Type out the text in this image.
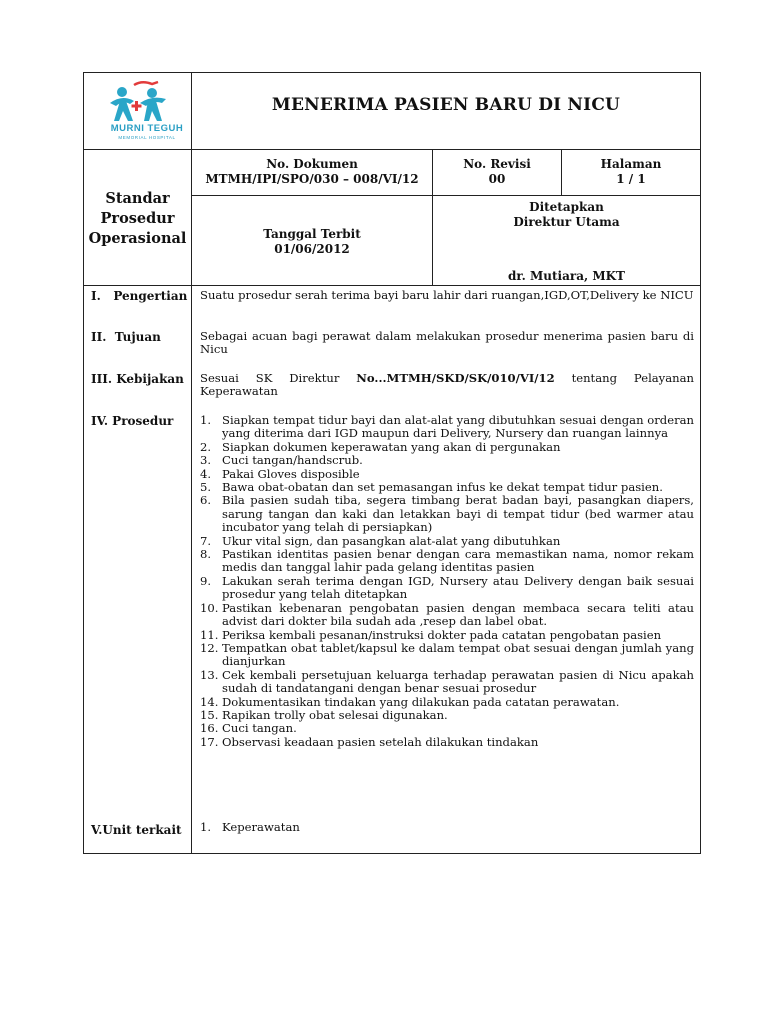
MURNI TEGUH
MEMORIAL HOSPITAL
MENERIMA PASIEN BARU DI NICU
Standar
Prosedur
Operasional
No. Dokumen
MTMH/IPI/SPO/030 – 008/VI/12
No. Revisi
00
Halaman
1 / 1
Tanggal Terbit
01/06/2012
Ditetapkan
Direktur Utama
dr. Mutiara, MKT
I.   Pengertian
II.  Tujuan
III. Kebijakan
IV. Prosedur
V.Unit terkait
Suatu prosedur serah terima bayi baru lahir dari ruangan,IGD,OT,Delivery ke NICU
Sebagai acuan bagi perawat dalam melakukan prosedur menerima pasien baru di Nicu
Sesuai SK Direktur No...MTMH/SKD/SK/010/VI/12 tentang Pelayanan Keperawatan
1. Siapkan tempat tidur bayi dan alat-alat yang dibutuhkan sesuai dengan orderan yang diterima dari IGD maupun dari Delivery, Nursery dan ruangan lainnya
2. Siapkan dokumen keperawatan yang akan di pergunakan
3. Cuci tangan/handscrub.
4. Pakai Gloves disposible
5. Bawa obat-obatan dan set pemasangan infus ke dekat tempat tidur pasien.
6. Bila pasien sudah tiba, segera timbang berat badan bayi, pasangkan diapers, sarung tangan dan kaki dan letakkan bayi di tempat tidur (bed warmer atau incubator yang telah di persiapkan)
7. Ukur vital sign, dan pasangkan alat-alat yang dibutuhkan
8. Pastikan identitas pasien benar dengan cara memastikan nama, nomor rekam medis dan tanggal lahir pada gelang identitas pasien
9. Lakukan serah terima dengan IGD, Nursery atau Delivery dengan baik sesuai prosedur yang telah ditetapkan
10. Pastikan kebenaran pengobatan pasien dengan membaca secara teliti atau advist dari dokter bila sudah ada ,resep dan label obat.
11. Periksa kembali pesanan/instruksi dokter pada catatan pengobatan pasien
12. Tempatkan obat tablet/kapsul ke dalam tempat obat sesuai dengan jumlah yang dianjurkan
13. Cek kembali persetujuan keluarga terhadap perawatan pasien di Nicu apakah sudah di tandatangani dengan benar sesuai prosedur
14. Dokumentasikan tindakan yang dilakukan pada catatan perawatan.
15. Rapikan trolly obat selesai digunakan.
16. Cuci tangan.
17. Observasi keadaan pasien setelah dilakukan tindakan
1. Keperawatan
